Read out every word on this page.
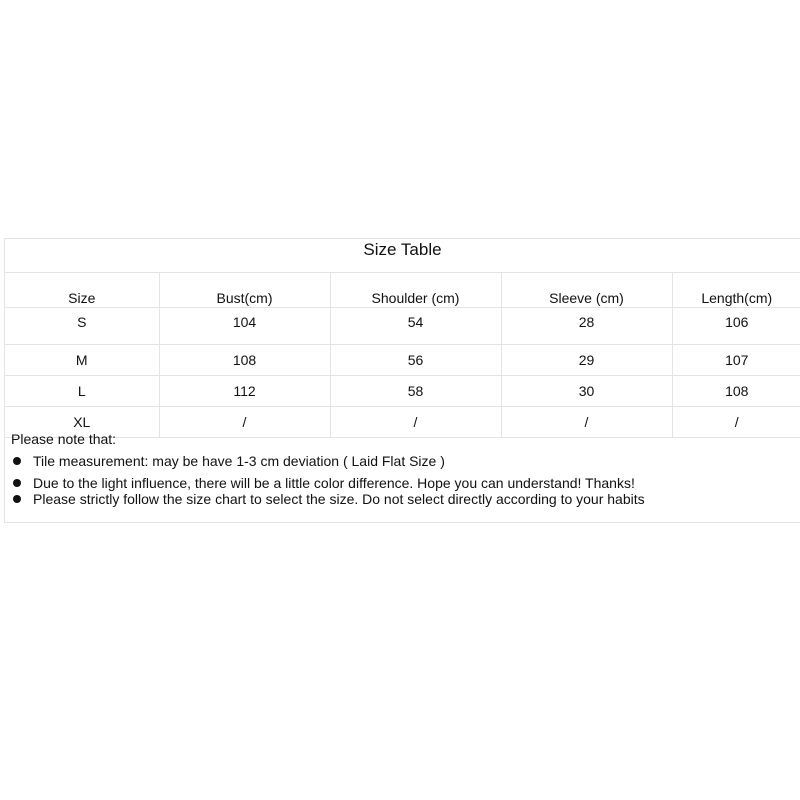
Size Table
Size	Bust(cm)	Shoulder (cm)	Sleeve (cm)	Length(cm)
S	104	54	28	106
M	108	56	29	107
L	112	58	30	108
XL	/	/	/	/
Please note that:
Tile measurement: may be have 1-3 cm deviation ( Laid Flat Size )
Due to the light influence, there will be a little color difference. Hope you can understand! Thanks!
Please strictly follow the size chart to select the size. Do not select directly according to your habits
